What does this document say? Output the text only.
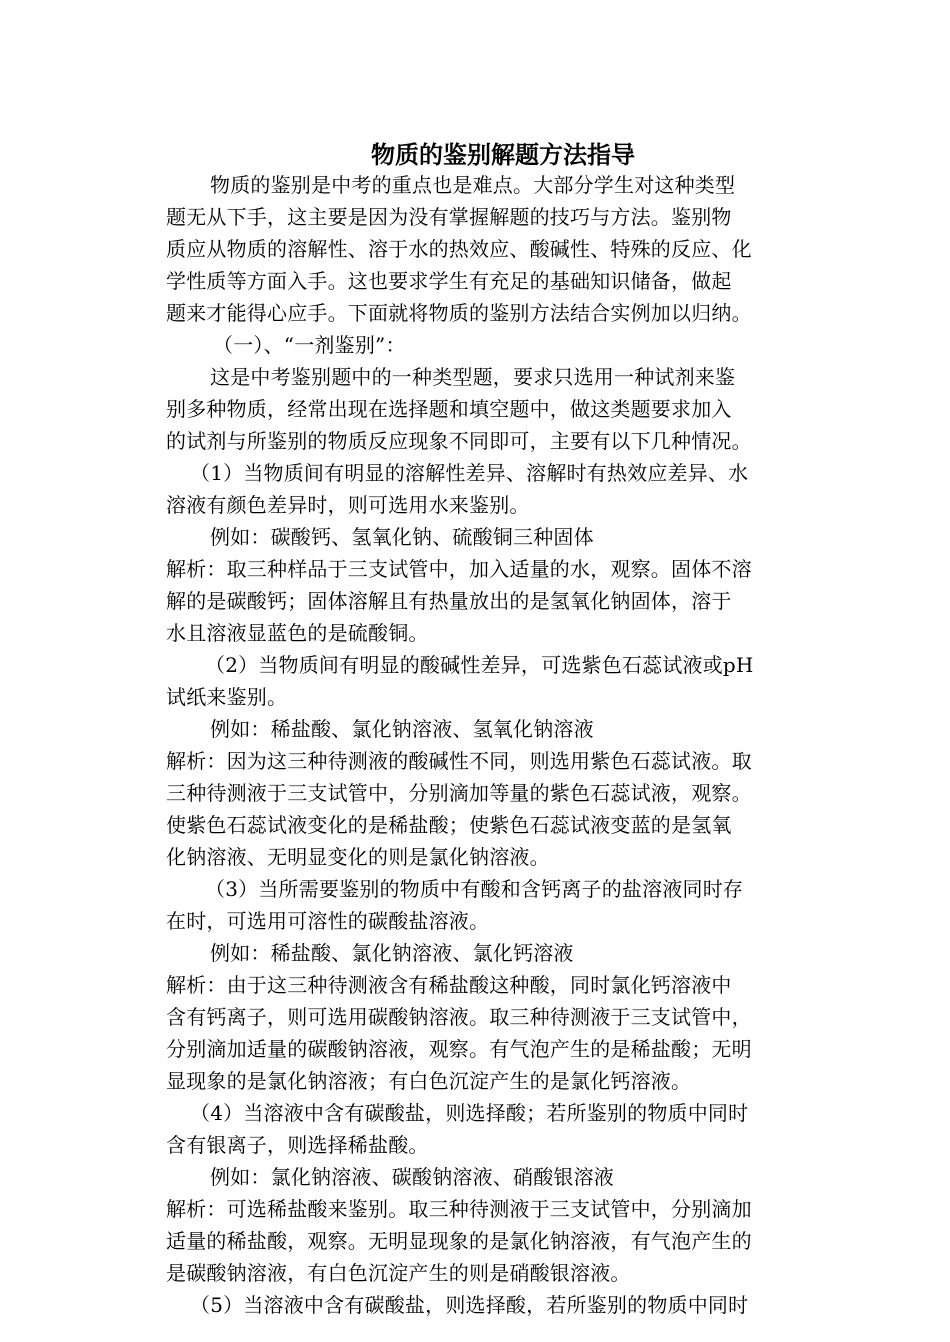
物质的鉴别解题方法指导
物质的鉴别是中考的重点也是难点。大部分学生对这种类型
题无从下手，这主要是因为没有掌握解题的技巧与方法。鉴别物
质应从物质的溶解性、溶于水的热效应、酸碱性、特殊的反应、化
学性质等方面入手。这也要求学生有充足的基础知识储备，做起
题来才能得心应手。下面就将物质的鉴别方法结合实例加以归纳。
（一）、“一剂鉴别”：
这是中考鉴别题中的一种类型题，要求只选用一种试剂来鉴
别多种物质，经常出现在选择题和填空题中，做这类题要求加入
的试剂与所鉴别的物质反应现象不同即可，主要有以下几种情况。
（1）当物质间有明显的溶解性差异、溶解时有热效应差异、水
溶液有颜色差异时，则可选用水来鉴别。
例如：碳酸钙、氢氧化钠、硫酸铜三种固体
解析：取三种样品于三支试管中，加入适量的水，观察。固体不溶
解的是碳酸钙；固体溶解且有热量放出的是氢氧化钠固体，溶于
水且溶液显蓝色的是硫酸铜。
（2）当物质间有明显的酸碱性差异，可选紫色石蕊试液或pH
试纸来鉴别。
例如：稀盐酸、氯化钠溶液、氢氧化钠溶液
解析：因为这三种待测液的酸碱性不同，则选用紫色石蕊试液。取
三种待测液于三支试管中，分别滴加等量的紫色石蕊试液，观察。
使紫色石蕊试液变化的是稀盐酸；使紫色石蕊试液变蓝的是氢氧
化钠溶液、无明显变化的则是氯化钠溶液。
（3）当所需要鉴别的物质中有酸和含钙离子的盐溶液同时存
在时，可选用可溶性的碳酸盐溶液。
例如：稀盐酸、氯化钠溶液、氯化钙溶液
解析：由于这三种待测液含有稀盐酸这种酸，同时氯化钙溶液中
含有钙离子，则可选用碳酸钠溶液。取三种待测液于三支试管中，
分别滴加适量的碳酸钠溶液，观察。有气泡产生的是稀盐酸；无明
显现象的是氯化钠溶液；有白色沉淀产生的是氯化钙溶液。
（4）当溶液中含有碳酸盐，则选择酸；若所鉴别的物质中同时
含有银离子，则选择稀盐酸。
例如：氯化钠溶液、碳酸钠溶液、硝酸银溶液
解析：可选稀盐酸来鉴别。取三种待测液于三支试管中，分别滴加
适量的稀盐酸，观察。无明显现象的是氯化钠溶液，有气泡产生的
是碳酸钠溶液，有白色沉淀产生的则是硝酸银溶液。
（5）当溶液中含有碳酸盐，则选择酸，若所鉴别的物质中同时
